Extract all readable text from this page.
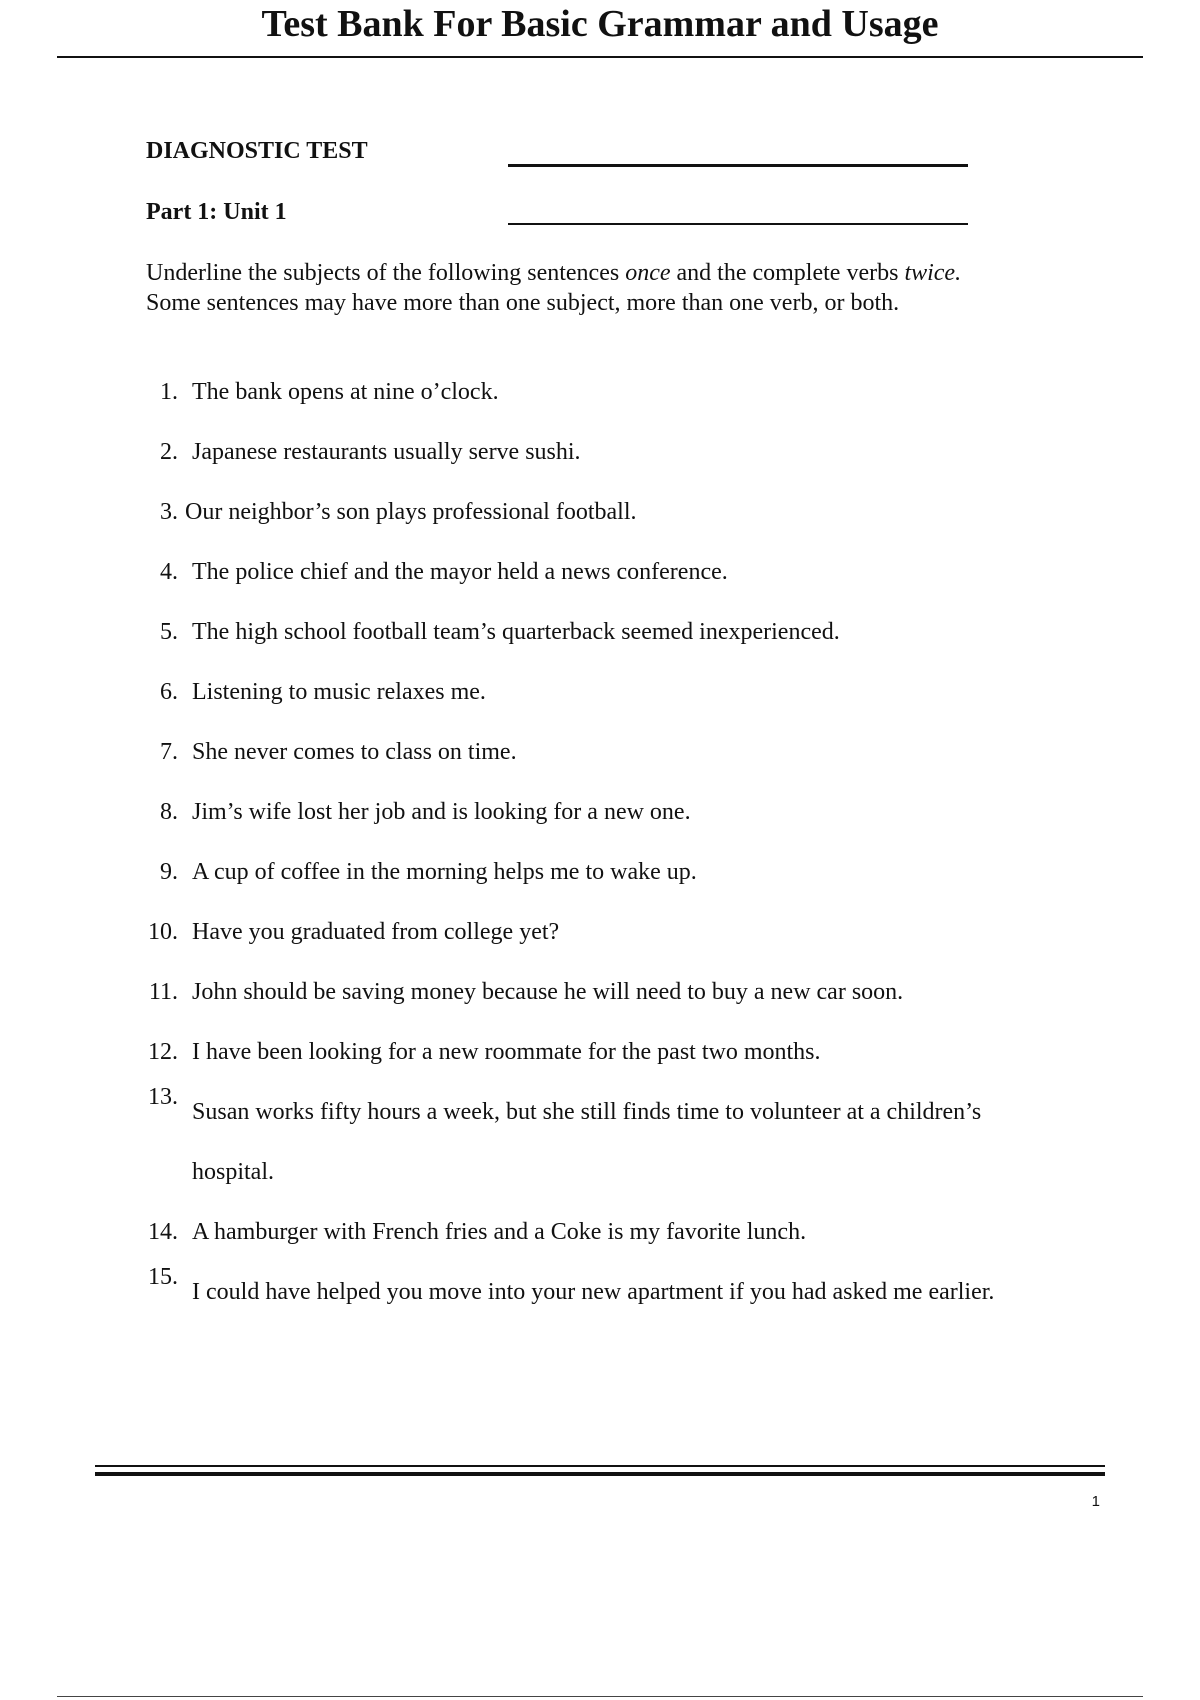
Test Bank For Basic Grammar and Usage
DIAGNOSTIC TEST
Part 1: Unit 1

Underline the subjects of the following sentences once and the complete verbs twice. Some sentences may have more than one subject, more than one verb, or both.

1. The bank opens at nine o’clock.
2. Japanese restaurants usually serve sushi.
3. Our neighbor’s son plays professional football.
4. The police chief and the mayor held a news conference.
5. The high school football team’s quarterback seemed inexperienced.
6. Listening to music relaxes me.
7. She never comes to class on time.
8. Jim’s wife lost her job and is looking for a new one.
9. A cup of coffee in the morning helps me to wake up.
10. Have you graduated from college yet?
11. John should be saving money because he will need to buy a new car soon.
12. I have been looking for a new roommate for the past two months.
13.
Susan works fifty hours a week, but she still finds time to volunteer at a children’s hospital.
14. A hamburger with French fries and a Coke is my favorite lunch.
15.
I could have helped you move into your new apartment if you had asked me earlier.
1
